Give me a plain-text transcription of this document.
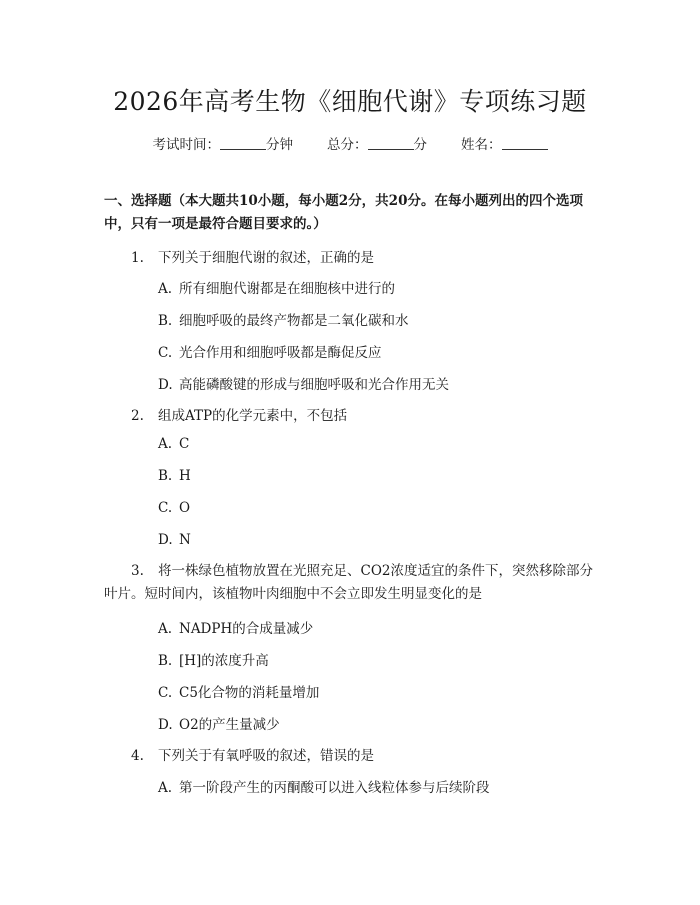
2026年高考生物《细胞代谢》专项练习题
考试时间：	分钟	总分：	分	姓名：
一、选择题（本大题共10小题，每小题2分，共20分。在每小题列出的四个选项中，只有一项是最符合题目要求的。）
1. 下列关于细胞代谢的叙述，正确的是
A. 所有细胞代谢都是在细胞核中进行的
B. 细胞呼吸的最终产物都是二氧化碳和水
C. 光合作用和细胞呼吸都是酶促反应
D. 高能磷酸键的形成与细胞呼吸和光合作用无关
2. 组成ATP的化学元素中，不包括
A. C
B. H
C. O
D. N
3. 将一株绿色植物放置在光照充足、CO2浓度适宜的条件下，突然移除部分叶片。短时间内，该植物叶肉细胞中不会立即发生明显变化的是
A. NADPH的合成量减少
B. [H]的浓度升高
C. C5化合物的消耗量增加
D. O2的产生量减少
4. 下列关于有氧呼吸的叙述，错误的是
A. 第一阶段产生的丙酮酸可以进入线粒体参与后续阶段
